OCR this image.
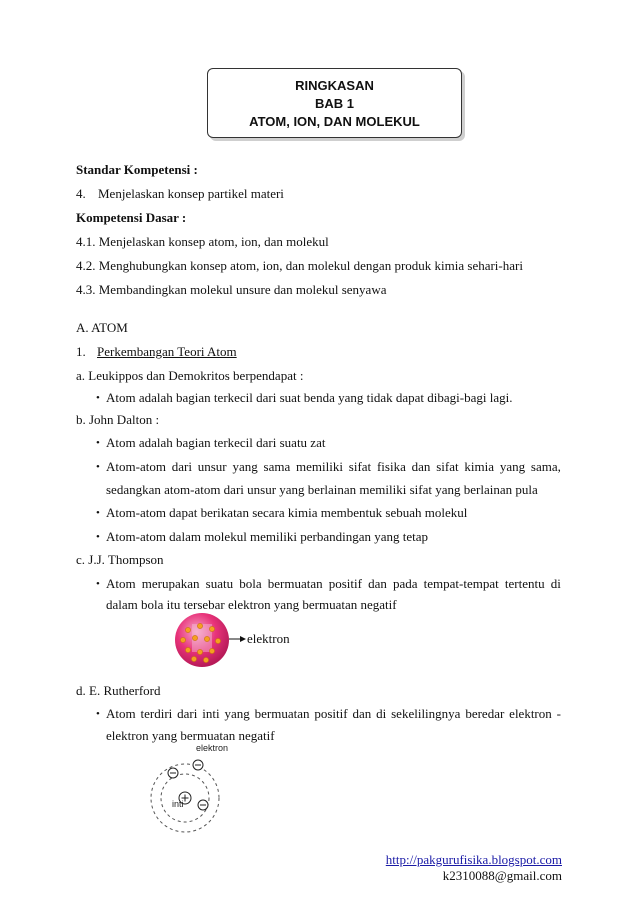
RINGKASAN
BAB 1
ATOM, ION, DAN MOLEKUL
Standar Kompetensi :
4. Menjelaskan konsep partikel materi
Kompetensi Dasar :
4.1. Menjelaskan konsep atom, ion, dan molekul
4.2. Menghubungkan konsep atom, ion, dan molekul dengan produk kimia sehari-hari
4.3. Membandingkan molekul unsure dan molekul senyawa
A. ATOM
1. Perkembangan Teori Atom
a. Leukippos dan Demokritos berpendapat :
• Atom adalah bagian terkecil dari suat benda yang tidak dapat dibagi-bagi lagi.
b. John Dalton :
• Atom adalah bagian terkecil dari suatu zat
• Atom-atom dari unsur yang sama memiliki sifat fisika dan sifat kimia yang sama,
sedangkan atom-atom dari unsur yang berlainan memiliki sifat yang berlainan pula
• Atom-atom dapat berikatan secara kimia membentuk sebuah molekul
• Atom-atom dalam molekul memiliki perbandingan yang tetap
c. J.J. Thompson
• Atom merupakan suatu bola bermuatan positif dan pada tempat-tempat tertentu di
dalam bola itu tersebar elektron yang bermuatan negatif
elektron
d. E. Rutherford
• Atom terdiri dari inti yang bermuatan positif dan di sekelilingnya beredar elektron -
elektron yang bermuatan negatif
elektron
inti
http://pakgurufisika.blogspot.com
k2310088@gmail.com
